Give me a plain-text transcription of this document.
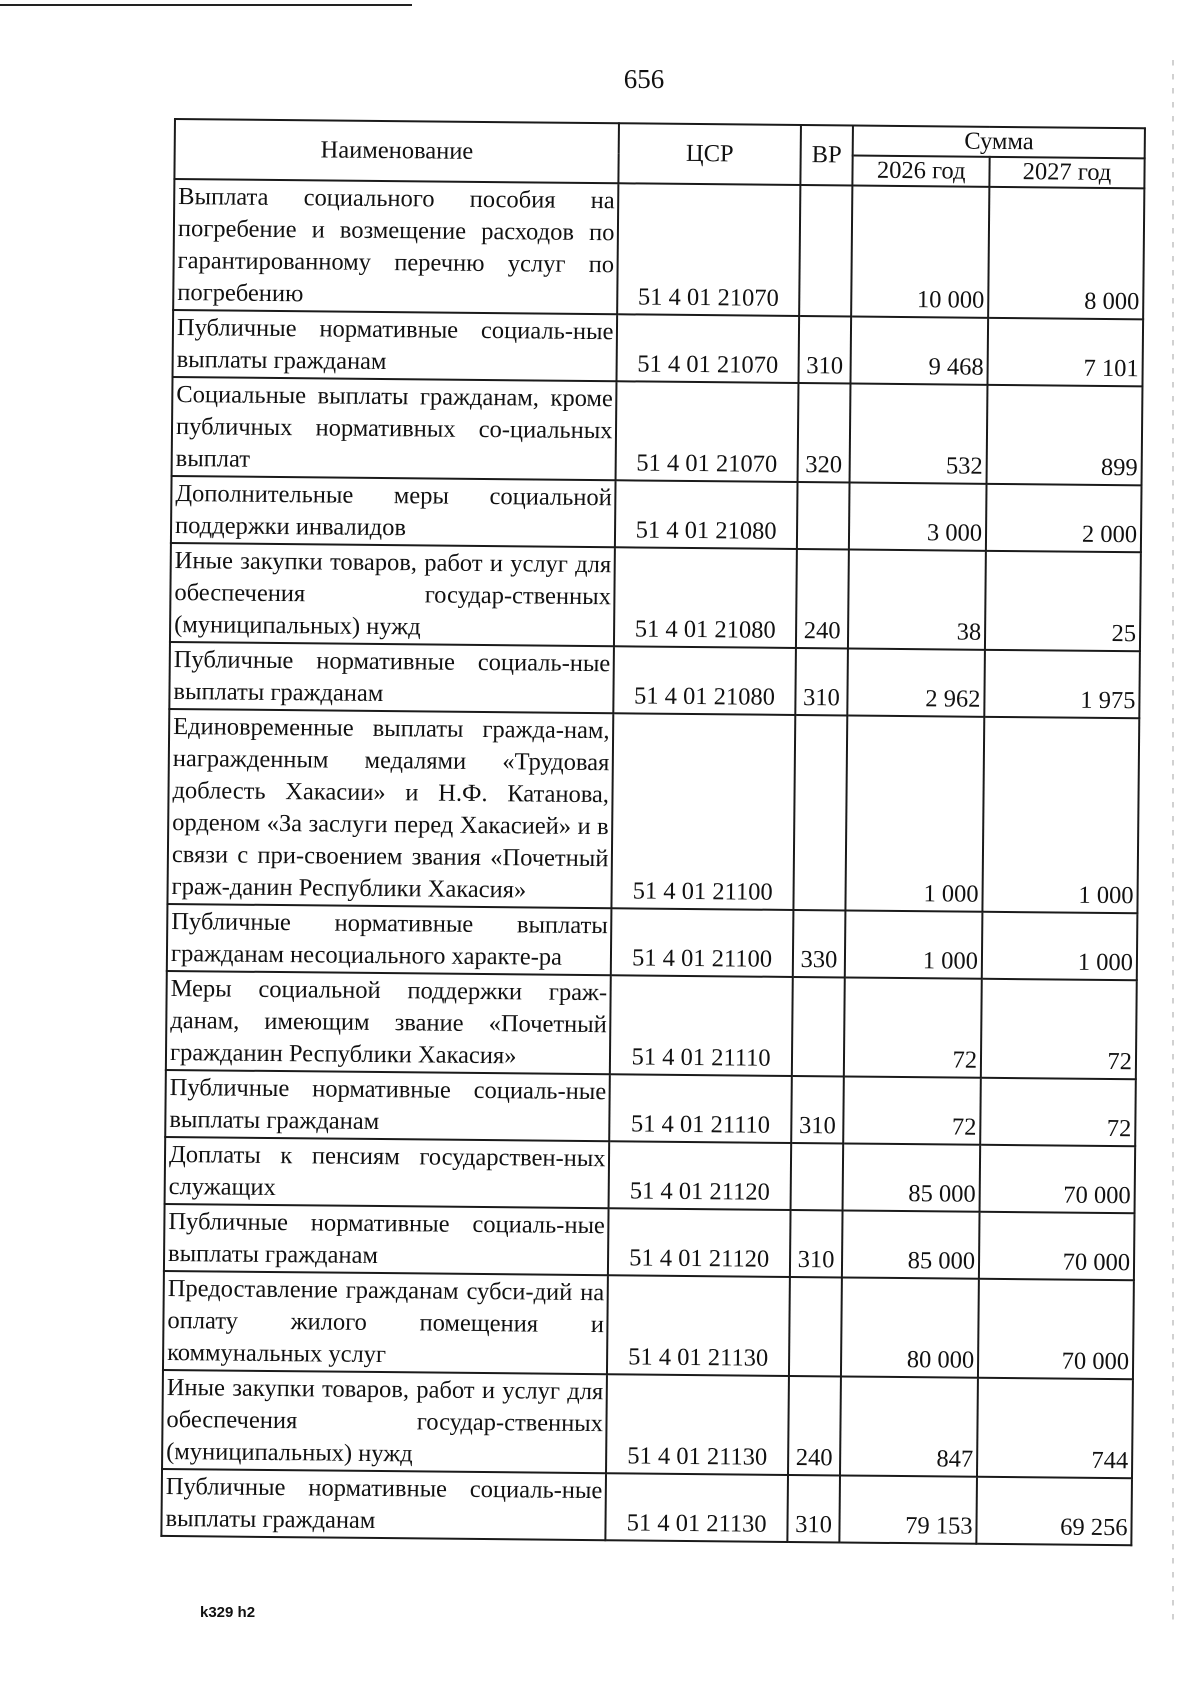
656
Наименование	ЦСР	ВР	Сумма	
			2026 год	2027 год
Выплата социального пособия на погребение и возмещение расходов по гарантированному перечню услуг по погребению	51 4 01 21070		10 000	8 000
Публичные нормативные социаль-ные выплаты гражданам	51 4 01 21070	310	9 468	7 101
Социальные выплаты гражданам, кроме публичных нормативных со-циальных выплат	51 4 01 21070	320	532	899
Дополнительные меры социальной поддержки инвалидов	51 4 01 21080		3 000	2 000
Иные закупки товаров, работ и услуг для обеспечения государ-ственных (муниципальных) нужд	51 4 01 21080	240	38	25
Публичные нормативные социаль-ные выплаты гражданам	51 4 01 21080	310	2 962	1 975
Единовременные выплаты гражда-нам, награжденным медалями «Трудовая доблесть Хакасии» и Н.Ф. Катанова, орденом «За заслуги перед Хакасией» и в связи с при-своением звания «Почетный граж-данин Республики Хакасия»	51 4 01 21100		1 000	1 000
Публичные нормативные выплаты гражданам несоциального характе-ра	51 4 01 21100	330	1 000	1 000
Меры социальной поддержки граж-данам, имеющим звание «Почетный гражданин Республики Хакасия»	51 4 01 21110		72	72
Публичные нормативные социаль-ные выплаты гражданам	51 4 01 21110	310	72	72
Доплаты к пенсиям государствен-ных служащих	51 4 01 21120		85 000	70 000
Публичные нормативные социаль-ные выплаты гражданам	51 4 01 21120	310	85 000	70 000
Предоставление гражданам субси-дий на оплату жилого помещения и коммунальных услуг	51 4 01 21130		80 000	70 000
Иные закупки товаров, работ и услуг для обеспечения государ-ственных (муниципальных) нужд	51 4 01 21130	240	847	744
Публичные нормативные социаль-ные выплаты гражданам	51 4 01 21130	310	79 153	69 256
k329 h2
